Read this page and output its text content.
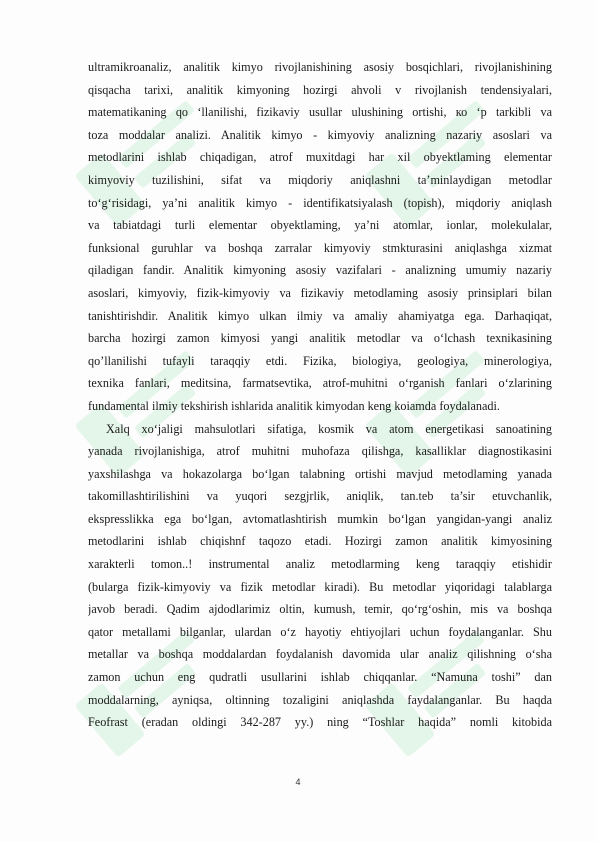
ultramikroanaliz, analitik kimyo rivojlanishining asosiy bosqichlari, rivojlanishining
qisqacha tarixi, analitik kimyoning hozirgi ahvoli v rivojlanish tendensiyalari,
matematikaning qo ‘llanilishi, fizikaviy usullar ulushining ortishi, ко ‘p tarkibli va
toza moddalar analizi. Analitik kimyo - kimyoviy analizning nazariy asoslari va
metodlarini ishlab chiqadigan, atrof muxitdagi har xil obyektlaming elementar
kimyoviy tuzilishini, sifat va miqdoriy aniqlashni ta’minlaydigan metodlar
to‘g‘risidagi, ya’ni analitik kimyo - identifikatsiyalash (topish), miqdoriy aniqlash
va tabiatdagi turli elementar obyektlaming, ya’ni atomlar, ionlar, molekulalar,
funksional guruhlar va boshqa zarralar kimyoviy stmkturasini aniqlashga xizmat
qiladigan fandir. Analitik kimyoning asosiy vazifalari - analizning umumiy nazariy
asoslari, kimyoviy, fizik-kimyoviy va fizikaviy metodlaming asosiy prinsiplari bilan
tanishtirishdir. Analitik kimyo ulkan ilmiy va amaliy ahamiyatga ega. Darhaqiqat,
barcha hozirgi zamon kimyosi yangi analitik metodlar va o‘lchash texnikasining
qo’llanilishi tufayli taraqqiy etdi. Fizika, biologiya, geologiya, minerologiya,
texnika fanlari, meditsina, farmatsevtika, atrof-muhitni o‘rganish fanlari o‘zlarining
fundamental ilmiy tekshirish ishlarida analitik kimyodan keng koiamda foydalanadi.
Xalq xo‘jaligi mahsulotlari sifatiga, kosmik va atom energetikasi sanoatining
yanada rivojlanishiga, atrof muhitni muhofaza qilishga, kasalliklar diagnostikasini
yaxshilashga va hokazolarga bo‘lgan talabning ortishi mavjud metodlaming yanada
takomillashtirilishini va yuqori sezgjrlik, aniqlik, tan.teb ta’sir etuvchanlik,
ekspresslikka ega bo‘lgan, avtomatlashtirish mumkin bo‘lgan yangidan-yangi analiz
metodlarini ishlab chiqishnf taqozo etadi. Hozirgi zamon analitik kimyosining
xarakterli tomon..! instrumental analiz metodlarming keng taraqqiy etishidir
(bularga fizik-kimyoviy va fizik metodlar kiradi). Bu metodlar yiqoridagi talablarga
javob beradi. Qadim ajdodlarimiz oltin, kumush, temir, qo‘rg‘oshin, mis va boshqa
qator metallami bilganlar, ulardan o‘z hayotiy ehtiyojlari uchun foydalanganlar. Shu
metallar va boshqa moddalardan foydalanish davomida ular analiz qilishning o‘sha
zamon uchun eng qudratli usullarini ishlab chiqqanlar. “Namuna toshi” dan
moddalarning, ayniqsa, oltinning tozaligini aniqlashda faydalanganlar. Bu haqda
Feofrast (eradan oldingi 342-287 yy.) ning “Toshlar haqida” nomli kitobida
4
